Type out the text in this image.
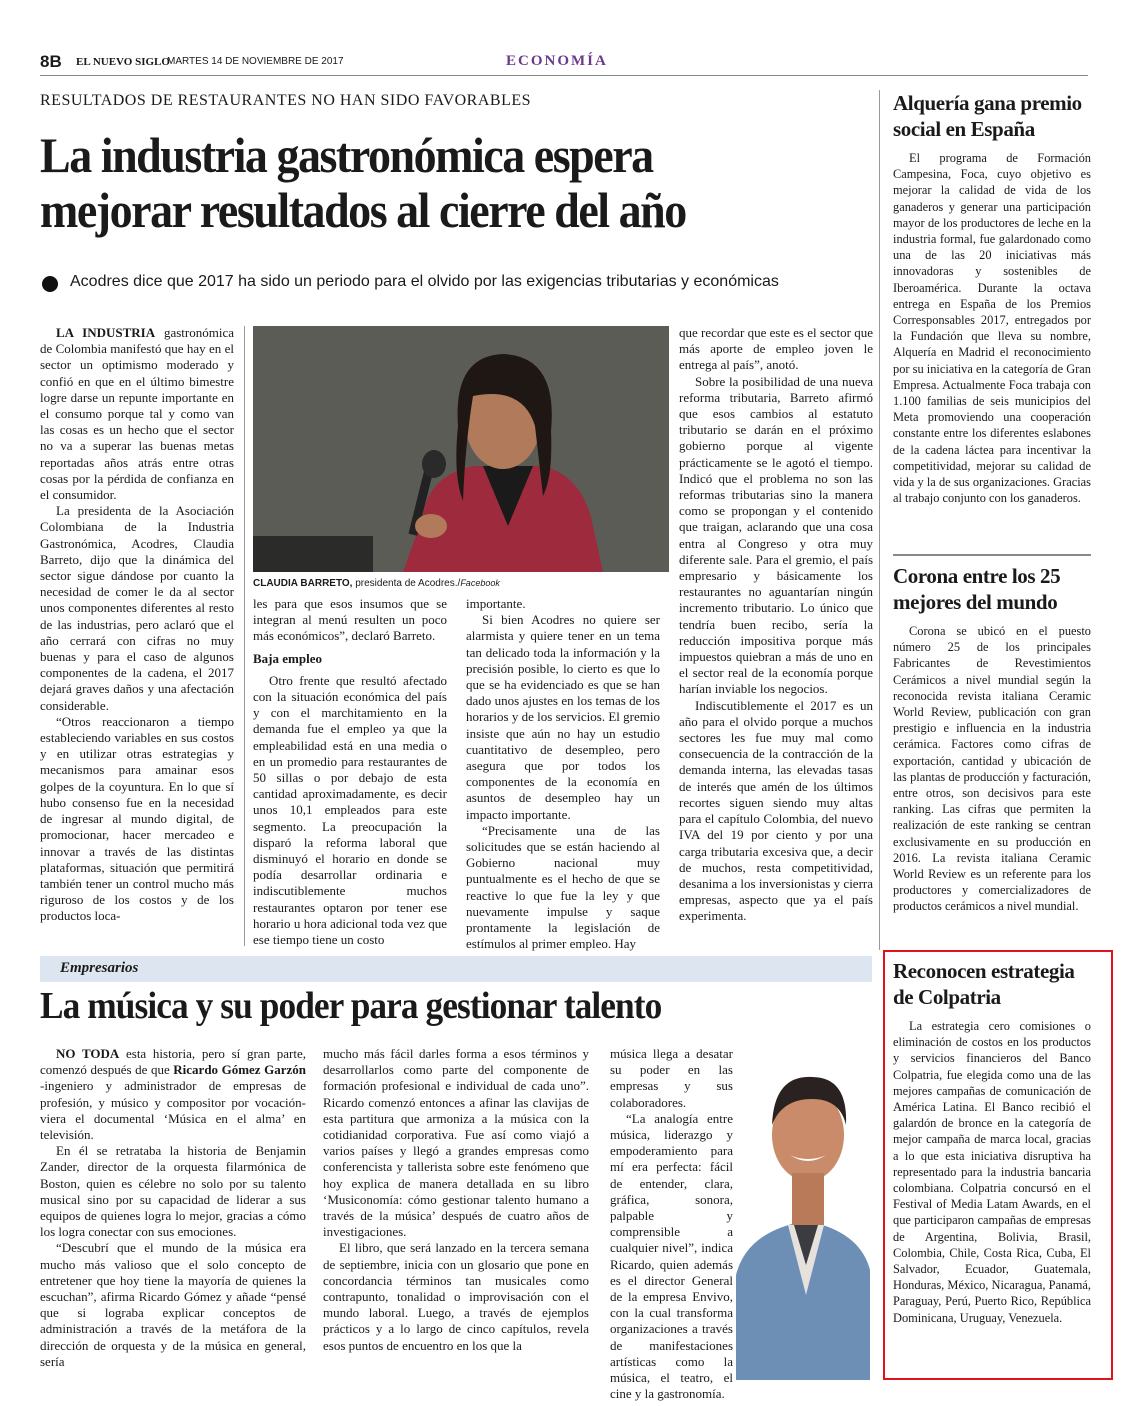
8B EL NUEVO SIGLO
MARTES 14 DE NOVIEMBRE DE 2017	ECONOMÍA
RESULTADOS DE RESTAURANTES NO HAN SIDO FAVORABLES
La industria gastronómica espera mejorar resultados al cierre del año
Acodres dice que 2017 ha sido un periodo para el olvido por las exigencias tributarias y económicas

LA INDUSTRIA gastronómica de Colombia manifestó que hay en el sector un optimismo moderado y confió en que en el último bimestre logre darse un repunte importante en el consumo porque tal y como van las cosas es un hecho que el sector no va a superar las buenas metas reportadas años atrás entre otras cosas por la pérdida de confianza en el consumidor.

La presidenta de la Asociación Colombiana de la Industria Gastronómica, Acodres, Claudia Barreto, dijo que la dinámica del sector sigue dándose por cuanto la necesidad de comer le da al sector unos componentes diferentes al resto de las industrias, pero aclaró que el año cerrará con cifras no muy buenas y para el caso de algunos componentes de la cadena, el 2017 dejará graves daños y una afectación considerable.

“Otros reaccionaron a tiempo estableciendo variables en sus costos y en utilizar otras estrategias y mecanismos para amainar esos golpes de la coyuntura. En lo que sí hubo consenso fue en la necesidad de ingresar al mundo digital, de promocionar, hacer mercadeo e innovar a través de las distintas plataformas, situación que permitirá también tener un control mucho más riguroso de los costos y de los productos loca-

CLAUDIA BARRETO, presidenta de Acodres./Facebook

les para que esos insumos que se integran al menú resulten un poco más económicos”, declaró Barreto.

Baja empleo

Otro frente que resultó afectado con la situación económica del país y con el marchitamiento en la demanda fue el empleo ya que la empleabilidad está en una media o en un promedio para restaurantes de 50 sillas o por debajo de esta cantidad aproximadamente, es decir unos 10,1 empleados para este segmento. La preocupación la disparó la reforma laboral que disminuyó el horario en donde se podía desarrollar ordinaria e indiscutiblemente muchos restaurantes optaron por tener ese horario u hora adicional toda vez que ese tiempo tiene un costo

importante.

Si bien Acodres no quiere ser alarmista y quiere tener en un tema tan delicado toda la información y la precisión posible, lo cierto es que lo que se ha evidenciado es que se han dado unos ajustes en los temas de los horarios y de los servicios. El gremio insiste que aún no hay un estudio cuantitativo de desempleo, pero asegura que por todos los componentes de la economía en asuntos de desempleo hay un impacto importante.

“Precisamente una de las solicitudes que se están haciendo al Gobierno nacional muy puntualmente es el hecho de que se reactive lo que fue la ley y que nuevamente impulse y saque prontamente la legislación de estímulos al primer empleo. Hay

que recordar que este es el sector que más aporte de empleo joven le entrega al país”, anotó.

Sobre la posibilidad de una nueva reforma tributaria, Barreto afirmó que esos cambios al estatuto tributario se darán en el próximo gobierno porque al vigente prácticamente se le agotó el tiempo. Indicó que el problema no son las reformas tributarias sino la manera como se propongan y el contenido que traigan, aclarando que una cosa entra al Congreso y otra muy diferente sale. Para el gremio, el país empresario y básicamente los restaurantes no aguantarían ningún incremento tributario. Lo único que tendría buen recibo, sería la reducción impositiva porque más impuestos quiebran a más de uno en el sector real de la economía porque harían inviable los negocios.

Indiscutiblemente el 2017 es un año para el olvido porque a muchos sectores les fue muy mal como consecuencia de la contracción de la demanda interna, las elevadas tasas de interés que amén de los últimos recortes siguen siendo muy altas para el capítulo Colombia, del nuevo IVA del 19 por ciento y por una carga tributaria excesiva que, a decir de muchos, resta competitividad, desanima a los inversionistas y cierra empresas, aspecto que ya el país experimenta.

Alquería gana premio social en España
El programa de Formación Campesina, Foca, cuyo objetivo es mejorar la calidad de vida de los ganaderos y generar una participación mayor de los productores de leche en la industria formal, fue galardonado como una de las 20 iniciativas más innovadoras y sostenibles de Iberoamérica. Durante la octava entrega en España de los Premios Corresponsables 2017, entregados por la Fundación que lleva su nombre, Alquería en Madrid el reconocimiento por su iniciativa en la categoría de Gran Empresa. Actualmente Foca trabaja con 1.100 familias de seis municipios del Meta promoviendo una cooperación constante entre los diferentes eslabones de la cadena láctea para incentivar la competitividad, mejorar su calidad de vida y la de sus organizaciones. Gracias al trabajo conjunto con los ganaderos.
Corona entre los 25 mejores del mundo
Corona se ubicó en el puesto número 25 de los principales Fabricantes de Revestimientos Cerámicos a nivel mundial según la reconocida revista italiana Ceramic World Review, publicación con gran prestigio e influencia en la industria cerámica. Factores como cifras de exportación, cantidad y ubicación de las plantas de producción y facturación, entre otros, son decisivos para este ranking. Las cifras que permiten la realización de este ranking se centran exclusivamente en su producción en 2016. La revista italiana Ceramic World Review es un referente para los productores y comercializadores de productos cerámicos a nivel mundial.
Reconocen estrategia de Colpatria
La estrategia cero comisiones o eliminación de costos en los productos y servicios financieros del Banco Colpatria, fue elegida como una de las mejores campañas de comunicación de América Latina. El Banco recibió el galardón de bronce en la categoría de mejor campaña de marca local, gracias a lo que esta iniciativa disruptiva ha representado para la industria bancaria colombiana. Colpatria concursó en el Festival of Media Latam Awards, en el que participaron campañas de empresas de Argentina, Bolivia, Brasil, Colombia, Chile, Costa Rica, Cuba, El Salvador, Ecuador, Guatemala, Honduras, México, Nicaragua, Panamá, Paraguay, Perú, Puerto Rico, República Dominicana, Uruguay, Venezuela.
Empresarios
La música y su poder para gestionar talento

NO TODA esta historia, pero sí gran parte, comenzó después de que Ricardo Gómez Garzón -ingeniero y administrador de empresas de profesión, y músico y compositor por vocación- viera el documental ‘Música en el alma’ en televisión.

En él se retrataba la historia de Benjamin Zander, director de la orquesta filarmónica de Boston, quien es célebre no solo por su talento musical sino por su capacidad de liderar a sus equipos de quienes logra lo mejor, gracias a cómo los logra conectar con sus emociones.

“Descubrí que el mundo de la música era mucho más valioso que el solo concepto de entretener que hoy tiene la mayoría de quienes la escuchan”, afirma Ricardo Gómez y añade “pensé que si lograba explicar conceptos de administración a través de la metáfora de la dirección de orquesta y de la música en general, sería

mucho más fácil darles forma a esos términos y desarrollarlos como parte del componente de formación profesional e individual de cada uno”. Ricardo comenzó entonces a afinar las clavijas de esta partitura que armoniza a la música con la cotidianidad corporativa. Fue así como viajó a varios países y llegó a grandes empresas como conferencista y tallerista sobre este fenómeno que hoy explica de manera detallada en su libro ‘Musiconomía: cómo gestionar talento humano a través de la música’ después de cuatro años de investigaciones.

El libro, que será lanzado en la tercera semana de septiembre, inicia con un glosario que pone en concordancia términos tan musicales como contrapunto, tonalidad o improvisación con el mundo laboral. Luego, a través de ejemplos prácticos y a lo largo de cinco capítulos, revela esos puntos de encuentro en los que la

música llega a desatar su poder en las empresas y sus colaboradores.

“La analogía entre música, liderazgo y empoderamiento para mí era perfecta: fácil de entender, clara, gráfica, sonora, palpable y comprensible a cualquier nivel”, indica Ricardo, quien además es el director General de la empresa Envivo, con la cual transforma organizaciones a través de manifestaciones artísticas como la música, el teatro, el cine y la gastronomía.
